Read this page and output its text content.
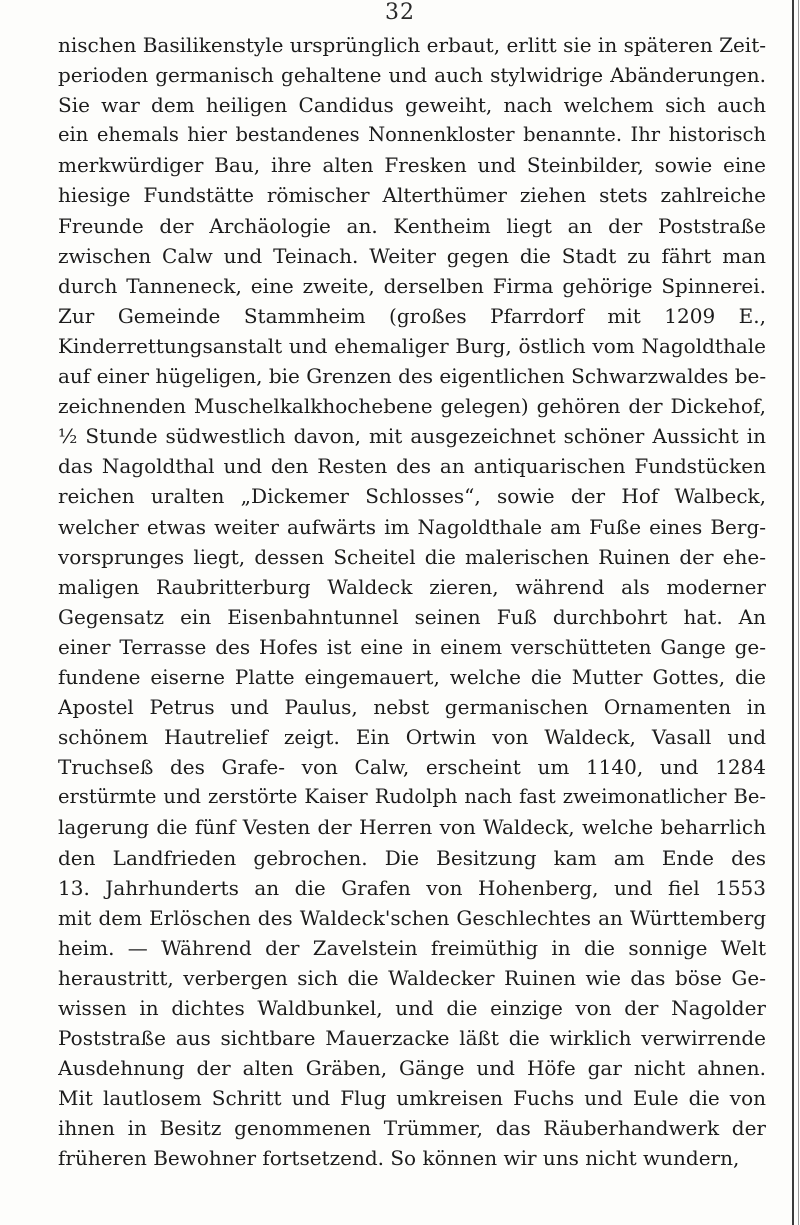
32
nischen Basilikenstyle ursprünglich erbaut, erlitt sie in späteren Zeit-
perioden germanisch gehaltene und auch stylwidrige Abänderungen.
Sie war dem heiligen Candidus geweiht, nach welchem sich auch
ein ehemals hier bestandenes Nonnenkloster benannte. Ihr historisch
merkwürdiger Bau, ihre alten Fresken und Steinbilder, sowie eine
hiesige Fundstätte römischer Alterthümer ziehen stets zahlreiche
Freunde der Archäologie an. Kentheim liegt an der Poststraße
zwischen Calw und Teinach. Weiter gegen die Stadt zu fährt man
durch Tanneneck, eine zweite, derselben Firma gehörige Spinnerei.
Zur Gemeinde Stammheim (großes Pfarrdorf mit 1209 E.,
Kinderrettungsanstalt und ehemaliger Burg, östlich vom Nagoldthale
auf einer hügeligen, bie Grenzen des eigentlichen Schwarzwaldes be-
zeichnenden Muschelkalkhochebene gelegen) gehören der Dickehof,
½ Stunde südwestlich davon, mit ausgezeichnet schöner Aussicht in
das Nagoldthal und den Resten des an antiquarischen Fundstücken
reichen uralten „Dickemer Schlosses“, sowie der Hof Walbeck,
welcher etwas weiter aufwärts im Nagoldthale am Fuße eines Berg-
vorsprunges liegt, dessen Scheitel die malerischen Ruinen der ehe-
maligen Raubritterburg Waldeck zieren, während als moderner
Gegensatz ein Eisenbahntunnel seinen Fuß durchbohrt hat. An
einer Terrasse des Hofes ist eine in einem verschütteten Gange ge-
fundene eiserne Platte eingemauert, welche die Mutter Gottes, die
Apostel Petrus und Paulus, nebst germanischen Ornamenten in
schönem Hautrelief zeigt. Ein Ortwin von Waldeck, Vasall und
Truchseß des Grafe- von Calw, erscheint um 1140, und 1284
erstürmte und zerstörte Kaiser Rudolph nach fast zweimonatlicher Be-
lagerung die fünf Vesten der Herren von Waldeck, welche beharrlich
den Landfrieden gebrochen. Die Besitzung kam am Ende des
13. Jahrhunderts an die Grafen von Hohenberg, und fiel 1553
mit dem Erlöschen des Waldeck'schen Geschlechtes an Württemberg
heim. — Während der Zavelstein freimüthig in die sonnige Welt
heraustritt, verbergen sich die Waldecker Ruinen wie das böse Ge-
wissen in dichtes Waldbunkel, und die einzige von der Nagolder
Poststraße aus sichtbare Mauerzacke läßt die wirklich verwirrende
Ausdehnung der alten Gräben, Gänge und Höfe gar nicht ahnen.
Mit lautlosem Schritt und Flug umkreisen Fuchs und Eule die von
ihnen in Besitz genommenen Trümmer, das Räuberhandwerk der
früheren Bewohner fortsetzend. So können wir uns nicht wundern,
